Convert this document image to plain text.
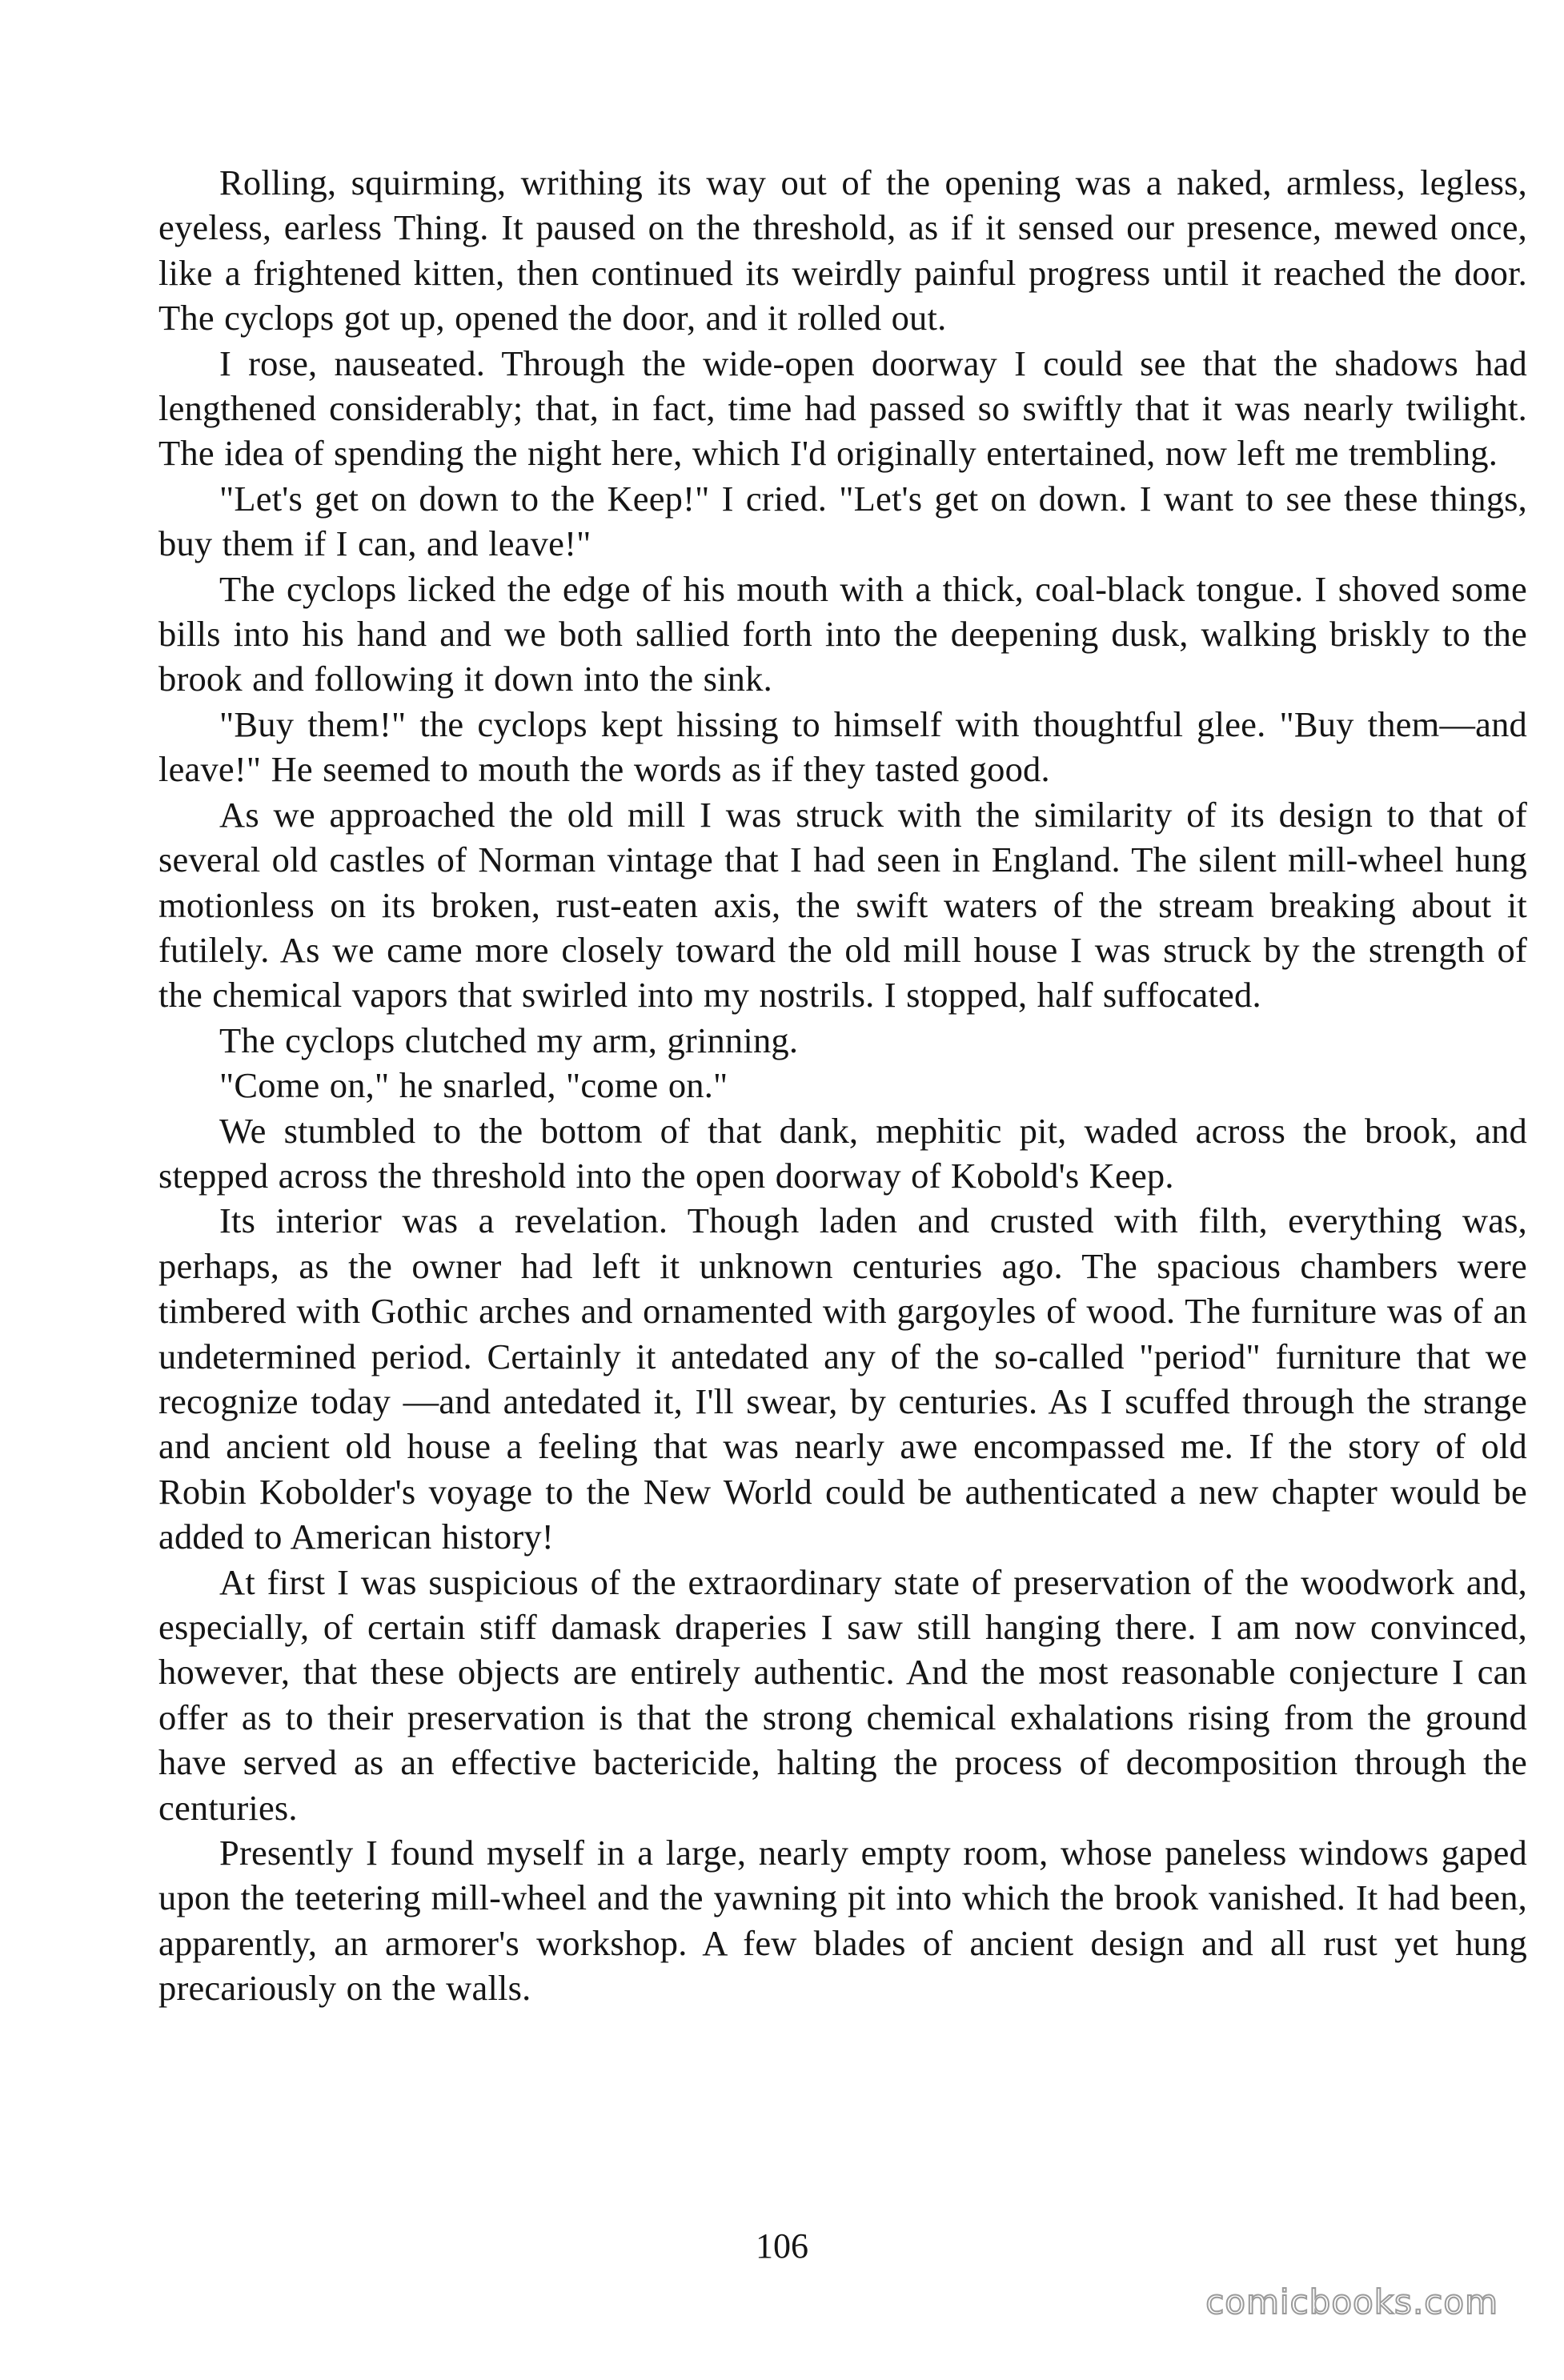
Rolling, squirming, writhing its way out of the opening was a naked, armless, legless, eyeless, earless Thing. It paused on the threshold, as if it sensed our presence, mewed once, like a frightened kitten, then continued its weirdly painful progress until it reached the door. The cyclops got up, opened the door, and it rolled out.

I rose, nauseated. Through the wide-open doorway I could see that the shadows had lengthened considerably; that, in fact, time had passed so swiftly that it was nearly twilight. The idea of spending the night here, which I'd originally entertained, now left me trembling.

"Let's get on down to the Keep!" I cried. "Let's get on down. I want to see these things, buy them if I can, and leave!"

The cyclops licked the edge of his mouth with a thick, coal-black tongue. I shoved some bills into his hand and we both sallied forth into the deepening dusk, walking briskly to the brook and following it down into the sink.

"Buy them!" the cyclops kept hissing to himself with thoughtful glee. "Buy them—and leave!" He seemed to mouth the words as if they tasted good.

As we approached the old mill I was struck with the similarity of its design to that of several old castles of Norman vintage that I had seen in England. The silent mill-wheel hung motionless on its broken, rust-eaten axis, the swift waters of the stream breaking about it futilely. As we came more closely toward the old mill house I was struck by the strength of the chemical vapors that swirled into my nostrils. I stopped, half suffocated.

The cyclops clutched my arm, grinning.

"Come on," he snarled, "come on."

We stumbled to the bottom of that dank, mephitic pit, waded across the brook, and stepped across the threshold into the open doorway of Kobold's Keep.

Its interior was a revelation. Though laden and crusted with filth, everything was, perhaps, as the owner had left it unknown centuries ago. The spacious chambers were timbered with Gothic arches and ornamented with gargoyles of wood. The furniture was of an undetermined period. Certainly it antedated any of the so-called "period" furniture that we recognize today —and antedated it, I'll swear, by centuries. As I scuffed through the strange and ancient old house a feeling that was nearly awe encompassed me. If the story of old Robin Kobolder's voyage to the New World could be authenticated a new chapter would be added to American history!

At first I was suspicious of the extraordinary state of preservation of the woodwork and, especially, of certain stiff damask draperies I saw still hanging there. I am now convinced, however, that these objects are entirely authentic. And the most reasonable conjecture I can offer as to their preservation is that the strong chemical exhalations rising from the ground have served as an effective bactericide, halting the process of decomposition through the centuries.

Presently I found myself in a large, nearly empty room, whose paneless windows gaped upon the teetering mill-wheel and the yawning pit into which the brook vanished. It had been, apparently, an armorer's workshop. A few blades of ancient design and all rust yet hung precariously on the walls.

106
comicbooks.com
